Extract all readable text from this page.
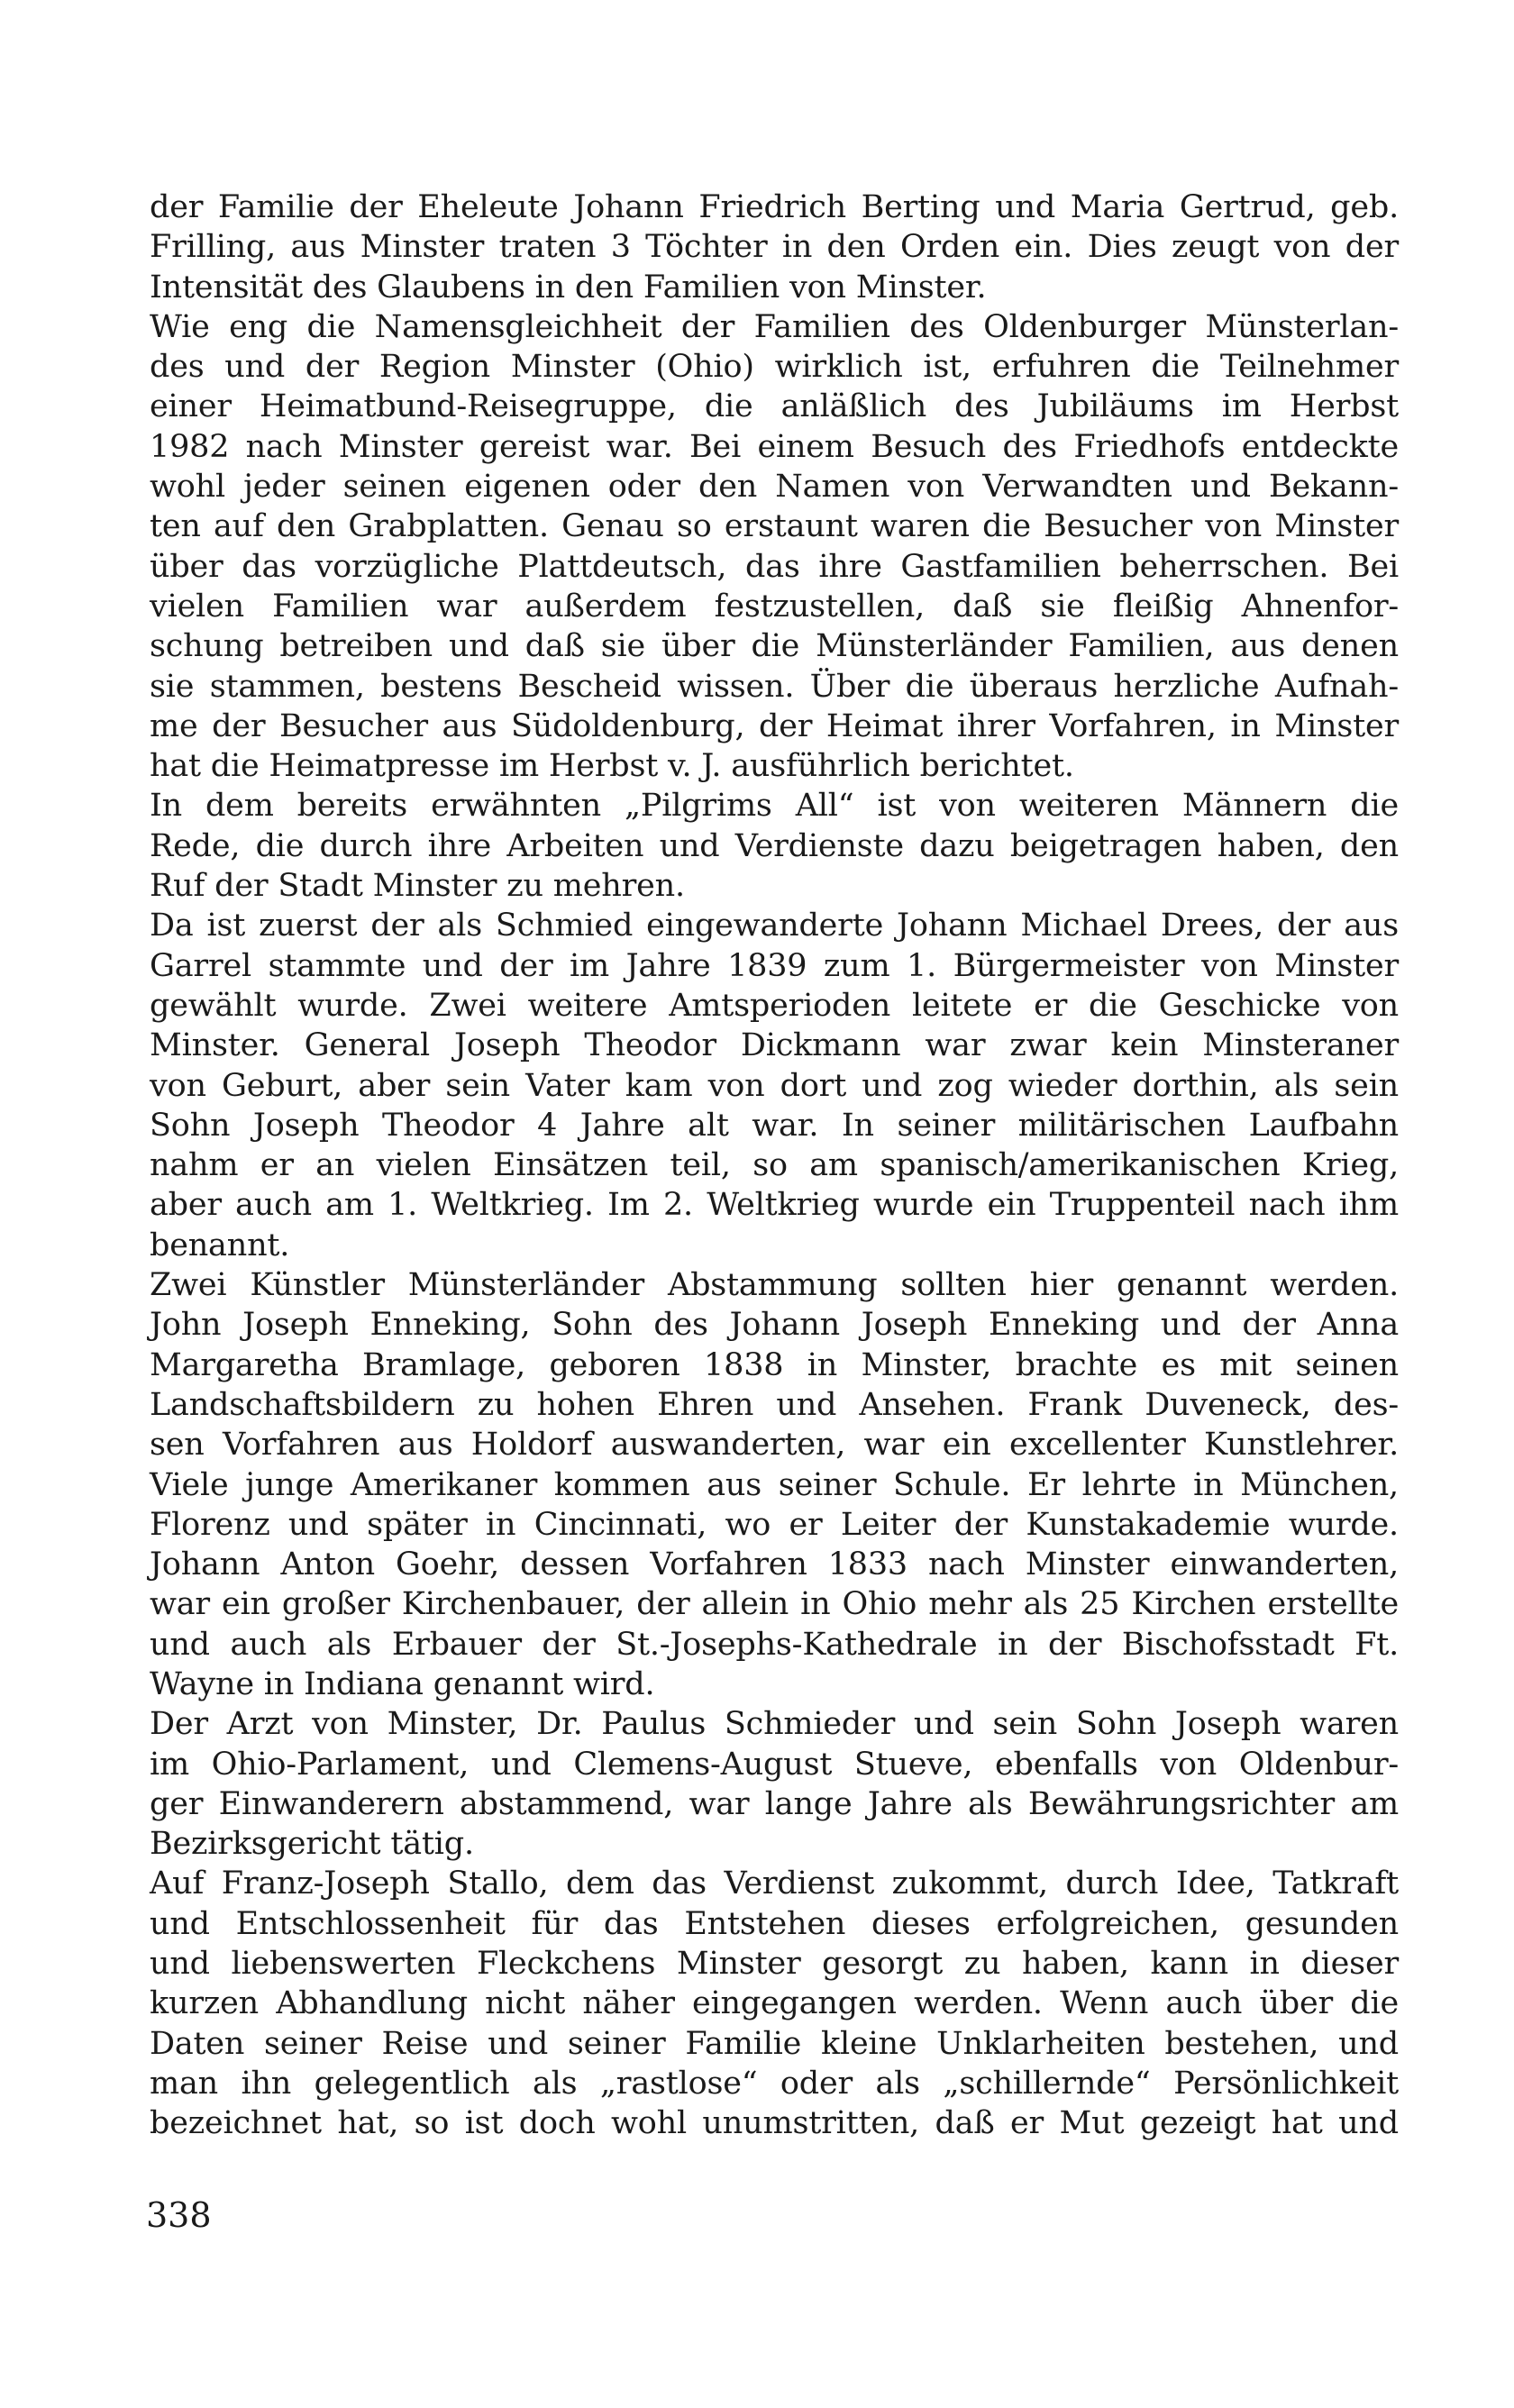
der Familie der Eheleute Johann Friedrich Berting und Maria Gertrud, geb.
Frilling, aus Minster traten 3 Töchter in den Orden ein. Dies zeugt von der
Intensität des Glaubens in den Familien von Minster.
Wie eng die Namensgleichheit der Familien des Oldenburger Münsterlan-
des und der Region Minster (Ohio) wirklich ist, erfuhren die Teilnehmer
einer Heimatbund-Reisegruppe, die anläßlich des Jubiläums im Herbst
1982 nach Minster gereist war. Bei einem Besuch des Friedhofs entdeckte
wohl jeder seinen eigenen oder den Namen von Verwandten und Bekann-
ten auf den Grabplatten. Genau so erstaunt waren die Besucher von Minster
über das vorzügliche Plattdeutsch, das ihre Gastfamilien beherrschen. Bei
vielen Familien war außerdem festzustellen, daß sie fleißig Ahnenfor-
schung betreiben und daß sie über die Münsterländer Familien, aus denen
sie stammen, bestens Bescheid wissen. Über die überaus herzliche Aufnah-
me der Besucher aus Südoldenburg, der Heimat ihrer Vorfahren, in Minster
hat die Heimatpresse im Herbst v. J. ausführlich berichtet.
In dem bereits erwähnten „Pilgrims All“ ist von weiteren Männern die
Rede, die durch ihre Arbeiten und Verdienste dazu beigetragen haben, den
Ruf der Stadt Minster zu mehren.
Da ist zuerst der als Schmied eingewanderte Johann Michael Drees, der aus
Garrel stammte und der im Jahre 1839 zum 1. Bürgermeister von Minster
gewählt wurde. Zwei weitere Amtsperioden leitete er die Geschicke von
Minster. General Joseph Theodor Dickmann war zwar kein Minsteraner
von Geburt, aber sein Vater kam von dort und zog wieder dorthin, als sein
Sohn Joseph Theodor 4 Jahre alt war. In seiner militärischen Laufbahn
nahm er an vielen Einsätzen teil, so am spanisch/amerikanischen Krieg,
aber auch am 1. Weltkrieg. Im 2. Weltkrieg wurde ein Truppenteil nach ihm
benannt.
Zwei Künstler Münsterländer Abstammung sollten hier genannt werden.
John Joseph Enneking, Sohn des Johann Joseph Enneking und der Anna
Margaretha Bramlage, geboren 1838 in Minster, brachte es mit seinen
Landschaftsbildern zu hohen Ehren und Ansehen. Frank Duveneck, des-
sen Vorfahren aus Holdorf auswanderten, war ein excellenter Kunstlehrer.
Viele junge Amerikaner kommen aus seiner Schule. Er lehrte in München,
Florenz und später in Cincinnati, wo er Leiter der Kunstakademie wurde.
Johann Anton Goehr, dessen Vorfahren 1833 nach Minster einwanderten,
war ein großer Kirchenbauer, der allein in Ohio mehr als 25 Kirchen erstellte
und auch als Erbauer der St.-Josephs-Kathedrale in der Bischofsstadt Ft.
Wayne in Indiana genannt wird.
Der Arzt von Minster, Dr. Paulus Schmieder und sein Sohn Joseph waren
im Ohio-Parlament, und Clemens-August Stueve, ebenfalls von Oldenbur-
ger Einwanderern abstammend, war lange Jahre als Bewährungsrichter am
Bezirksgericht tätig.
Auf Franz-Joseph Stallo, dem das Verdienst zukommt, durch Idee, Tatkraft
und Entschlossenheit für das Entstehen dieses erfolgreichen, gesunden
und liebenswerten Fleckchens Minster gesorgt zu haben, kann in dieser
kurzen Abhandlung nicht näher eingegangen werden. Wenn auch über die
Daten seiner Reise und seiner Familie kleine Unklarheiten bestehen, und
man ihn gelegentlich als „rastlose“ oder als „schillernde“ Persönlichkeit
bezeichnet hat, so ist doch wohl unumstritten, daß er Mut gezeigt hat und
338
